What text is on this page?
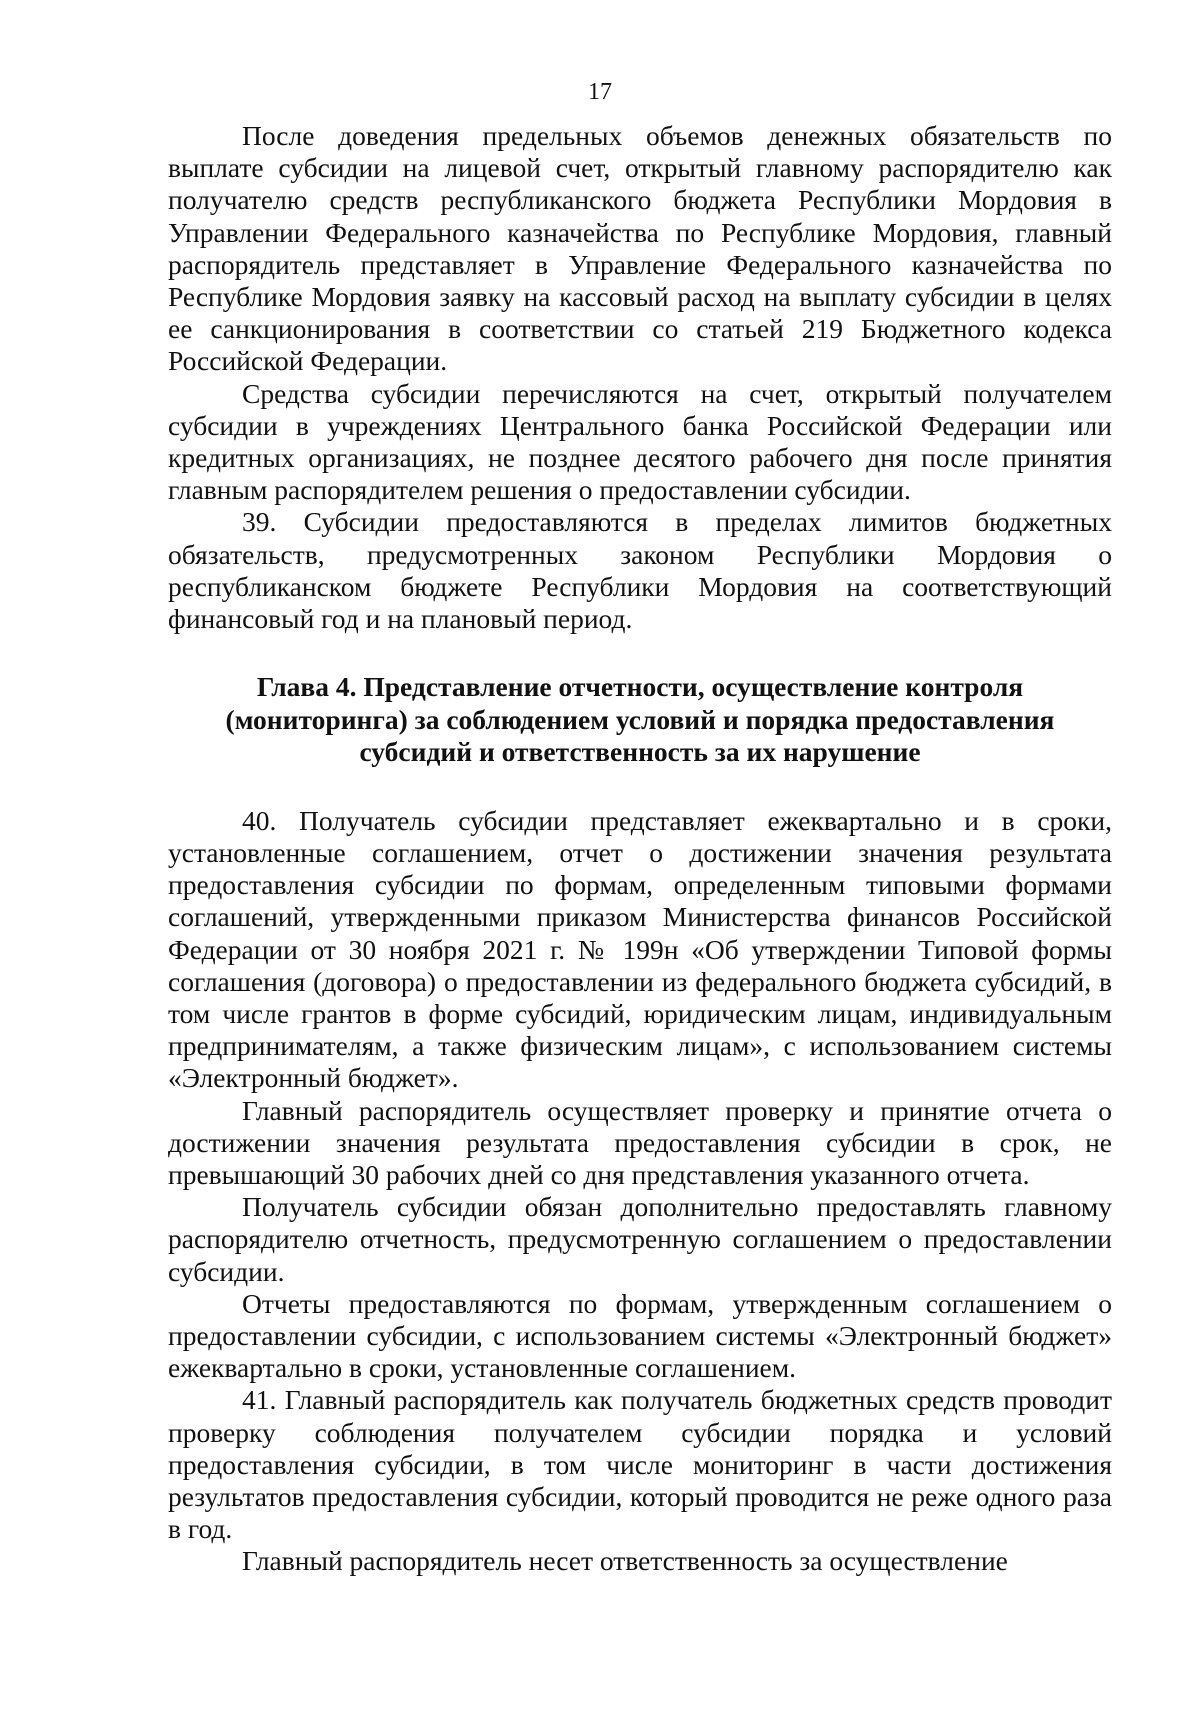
17

После доведения предельных объемов денежных обязательств по выплате субсидии на лицевой счет, открытый главному распорядителю как получателю средств республиканского бюджета Республики Мордовия в Управлении Федерального казначейства по Республике Мордовия, главный распорядитель представляет в Управление Федерального казначейства по Республике Мордовия заявку на кассовый расход на выплату субсидии в целях ее санкционирования в соответствии со статьей 219 Бюджетного кодекса Российской Федерации.

Средства субсидии перечисляются на счет, открытый получателем субсидии в учреждениях Центрального банка Российской Федерации или кредитных организациях, не позднее десятого рабочего дня после принятия главным распорядителем решения о предоставлении субсидии.

39. Субсидии предоставляются в пределах лимитов бюджетных обязательств, предусмотренных законом Республики Мордовия о республиканском бюджете Республики Мордовия на соответствующий финансовый год и на плановый период.

Глава 4. Представление отчетности, осуществление контроля
(мониторинга) за соблюдением условий и порядка предоставления
субсидий и ответственность за их нарушение

40. Получатель субсидии представляет ежеквартально и в сроки, установленные соглашением, отчет о достижении значения результата предоставления субсидии по формам, определенным типовыми формами соглашений, утвержденными приказом Министерства финансов Российской Федерации от 30 ноября 2021 г. № 199н «Об утверждении Типовой формы соглашения (договора) о предоставлении из федерального бюджета субсидий, в том числе грантов в форме субсидий, юридическим лицам, индивидуальным предпринимателям, а также физическим лицам», с использованием системы «Электронный бюджет».

Главный распорядитель осуществляет проверку и принятие отчета о достижении значения результата предоставления субсидии в срок, не превышающий 30 рабочих дней со дня представления указанного отчета.

Получатель субсидии обязан дополнительно предоставлять главному распорядителю отчетность, предусмотренную соглашением о предоставлении субсидии.

Отчеты предоставляются по формам, утвержденным соглашением о предоставлении субсидии, с использованием системы «Электронный бюджет» ежеквартально в сроки, установленные соглашением.

41. Главный распорядитель как получатель бюджетных средств проводит проверку соблюдения получателем субсидии порядка и условий предоставления субсидии, в том числе мониторинг в части достижения результатов предоставления субсидии, который проводится не реже одного раза в год.

Главный распорядитель несет ответственность за осуществление
